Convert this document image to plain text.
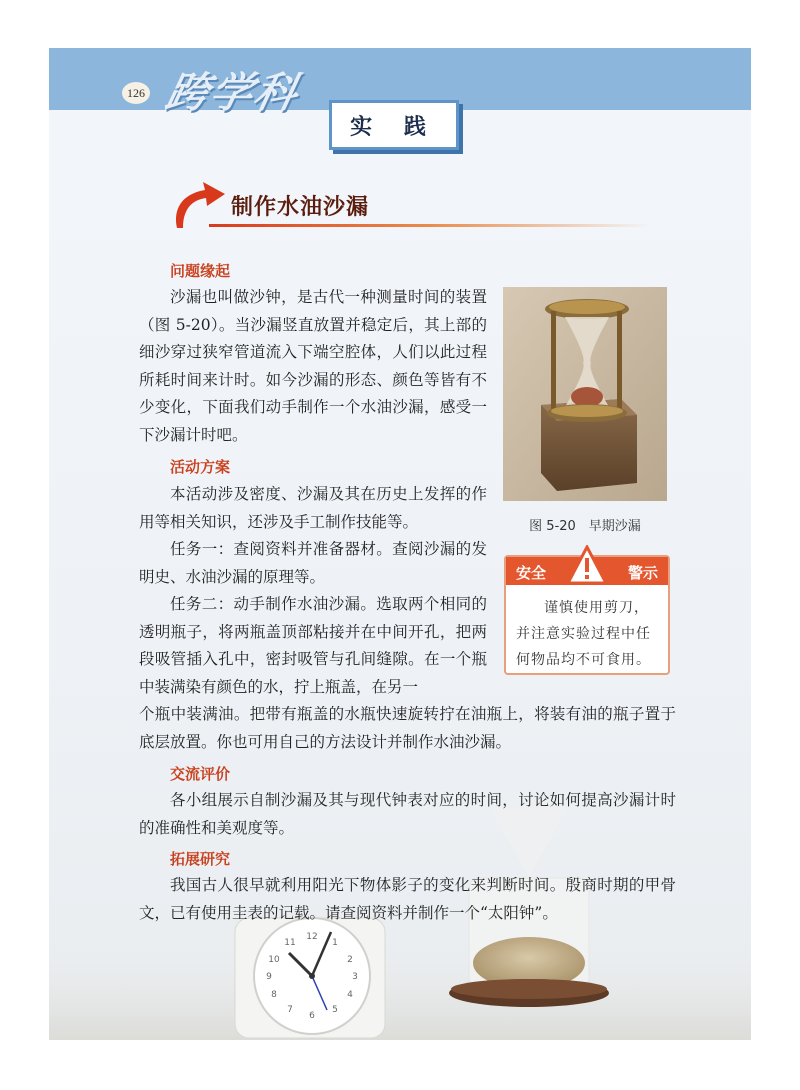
126 跨学科
实 践
制作水油沙漏
问题缘起

沙漏也叫做沙钟，是古代一种测量时间的装置（图 5-20）。当沙漏竖直放置并稳定后，其上部的细沙穿过狭窄管道流入下端空腔体，人们以此过程所耗时间来计时。如今沙漏的形态、颜色等皆有不少变化，下面我们动手制作一个水油沙漏，感受一下沙漏计时吧。

图 5-20　早期沙漏
活动方案

本活动涉及密度、沙漏及其在历史上发挥的作用等相关知识，还涉及手工制作技能等。

任务一：查阅资料并准备器材。查阅沙漏的发明史、水油沙漏的原理等。

任务二：动手制作水油沙漏。选取两个相同的透明瓶子，将两瓶盖顶部粘接并在中间开孔，把两段吸管插入孔中，密封吸管与孔间缝隙。在一个瓶中装满染有颜色的水，拧上瓶盖，在另一

个瓶中装满油。把带有瓶盖的水瓶快速旋转拧在油瓶上，将装有油的瓶子置于底层放置。你也可用自己的方法设计并制作水油沙漏。

安全	警示

谨慎使用剪刀，并注意实验过程中任何物品均不可食用。

12
1
2
3
4
5
6
7
8
9
10
11
交流评价

各小组展示自制沙漏及其与现代钟表对应的时间，讨论如何提高沙漏计时的准确性和美观度等。

拓展研究

我国古人很早就利用阳光下物体影子的变化来判断时间。殷商时期的甲骨文，已有使用圭表的记载。请查阅资料并制作一个“太阳钟”。
